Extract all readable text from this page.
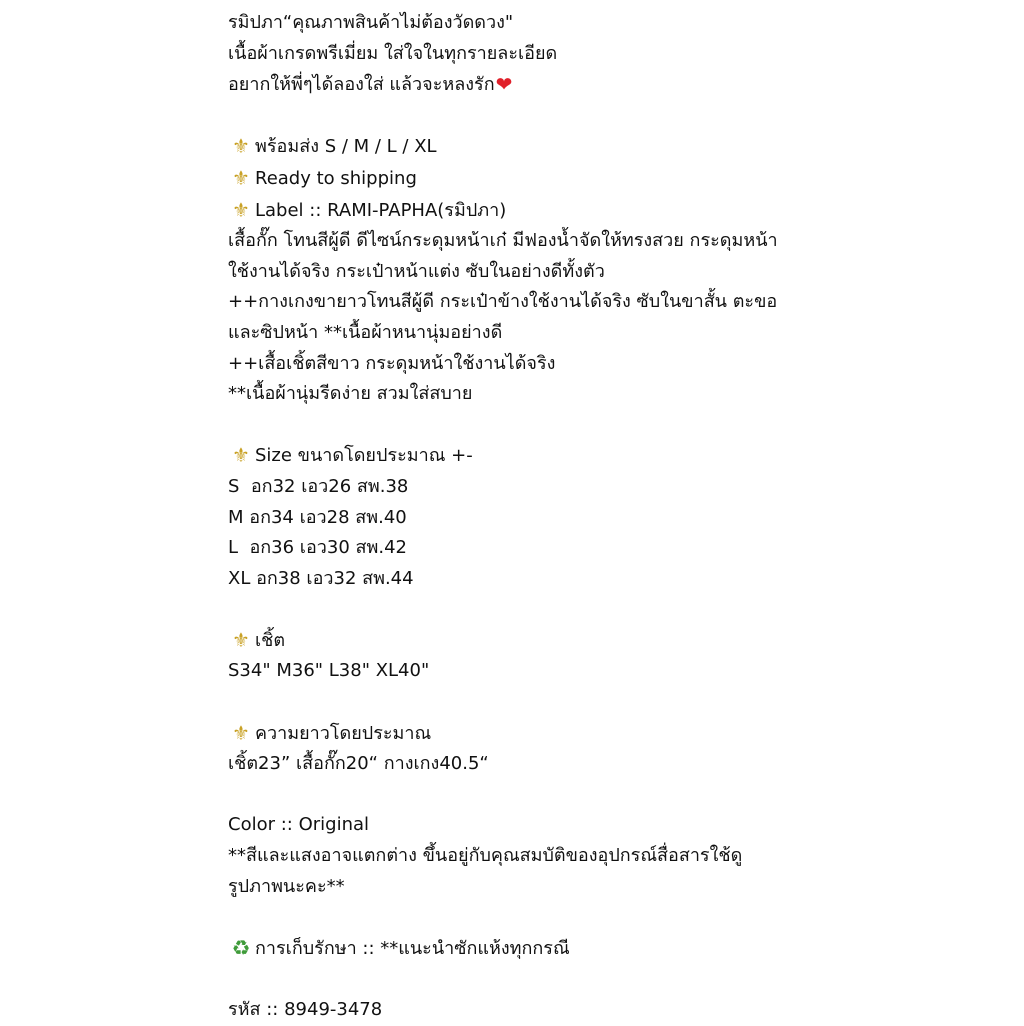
รมิปภา“คุณภาพสินค้าไม่ต้องวัดดวง"
เนื้อผ้าเกรดพรีเมี่ยม ใส่ใจในทุกรายละเอียด
อยากให้พี่ๆได้ลองใส่ แล้วจะหลงรัก❤
⚜ พร้อมส่ง S / M / L / XL
⚜ Ready to shipping
⚜ Label :: RAMI-PAPHA(รมิปภา)
เสื้อกั๊ก โทนสีผู้ดี ดีไซน์กระดุมหน้าเก๋ มีฟองน้ำจัดให้ทรงสวย กระดุมหน้า
ใช้งานได้จริง กระเป๋าหน้าแต่ง ซับในอย่างดีทั้งตัว
++กางเกงขายาวโทนสีผู้ดี กระเป๋าข้างใช้งานได้จริง ซับในขาสั้น ตะขอ
และซิปหน้า **เนื้อผ้าหนานุ่มอย่างดี
++เสื้อเชิ้ตสีขาว กระดุมหน้าใช้งานได้จริง
**เนื้อผ้านุ่มรีดง่าย สวมใส่สบาย
⚜ Size ขนาดโดยประมาณ +-
S  อก32 เอว26 สพ.38
M อก34 เอว28 สพ.40
L  อก36 เอว30 สพ.42
XL อก38 เอว32 สพ.44
⚜ เชิ้ต
S34" M36" L38" XL40"
⚜ ความยาวโดยประมาณ
เชิ้ต23” เสื้อกั๊ก20“ กางเกง40.5“
Color :: Original
**สีและแสงอาจแตกต่าง ขึ้นอยู่กับคุณสมบัติของอุปกรณ์สื่อสารใช้ดู
รูปภาพนะคะ**
♻ การเก็บรักษา :: **แนะนำซักแห้งทุกกรณี
รหัส :: 8949-3478
